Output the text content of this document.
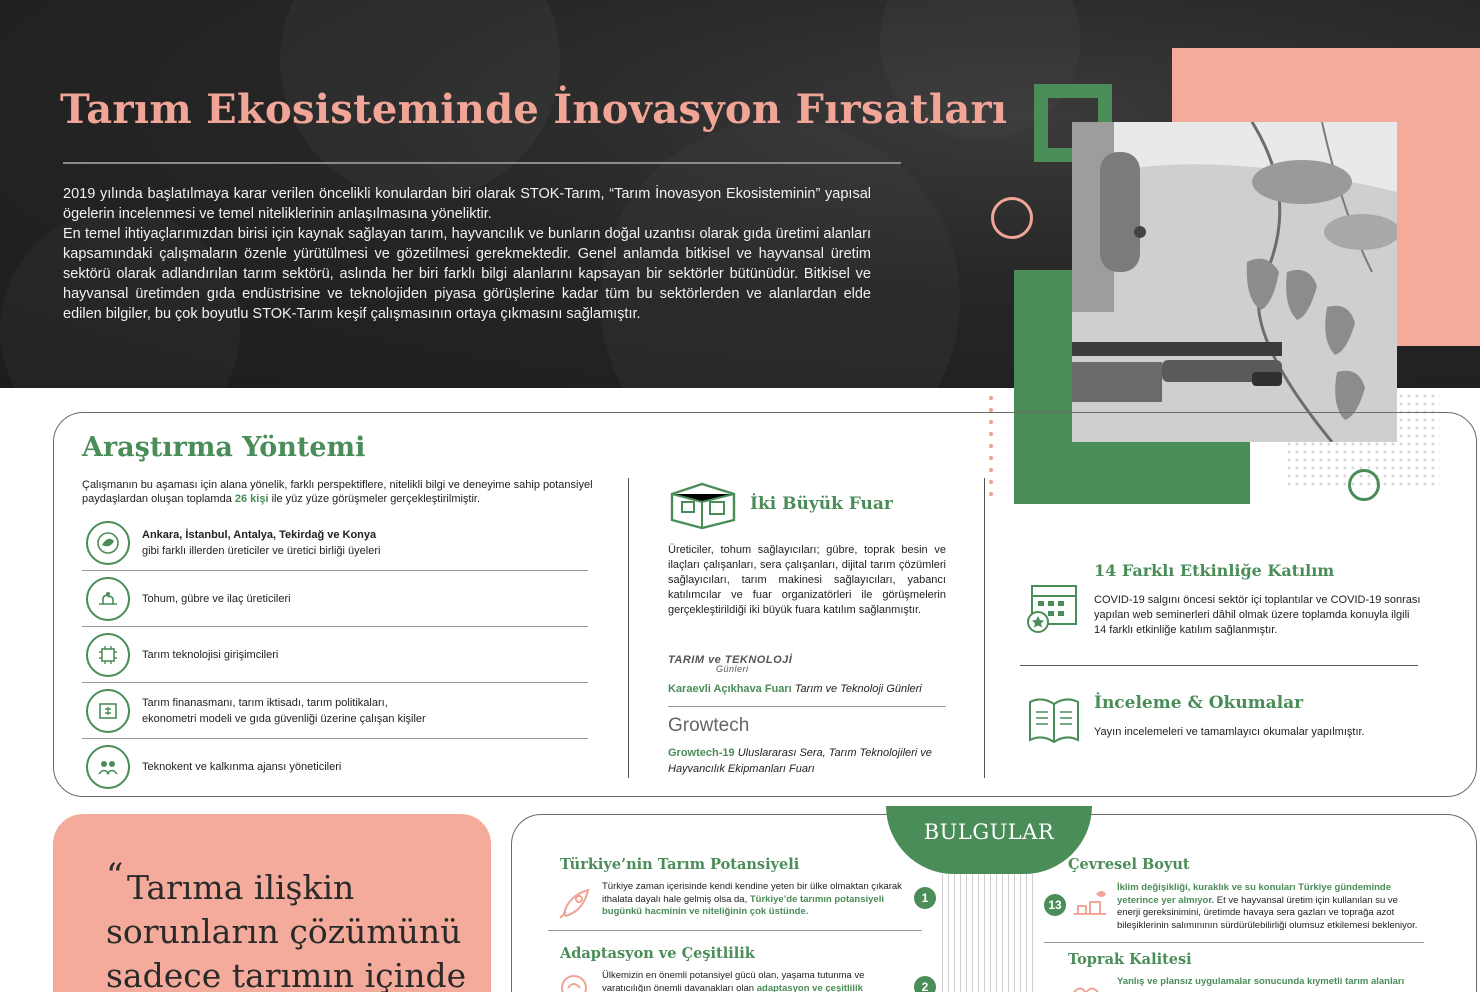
Tarım Ekosisteminde İnovasyon Fırsatları

2019 yılında başlatılmaya karar verilen öncelikli konulardan biri olarak STOK-Tarım, “Tarım İnovasyon Ekosisteminin” yapısal ögelerin incelenmesi ve temel niteliklerinin anlaşılmasına yöneliktir.

En temel ihtiyaçlarımızdan birisi için kaynak sağlayan tarım, hayvancılık ve bunların doğal uzantısı olarak gıda üretimi alanları kapsamındaki çalışmaların özenle yürütülmesi ve gözetilmesi gerekmektedir. Genel anlamda bitkisel ve hayvansal üretim sektörü olarak adlandırılan tarım sektörü, aslında her biri farklı bilgi alanlarını kapsayan bir sektörler bütünüdür. Bitkisel ve hayvansal üretimden gıda endüstrisine ve teknolojiden piyasa görüşlerine kadar tüm bu sektörlerden ve alanlardan elde edilen bilgiler, bu çok boyutlu STOK-Tarım keşif çalışmasının ortaya çıkmasını sağlamıştır.

Araştırma Yöntemi

Çalışmanın bu aşaması için alana yönelik, farklı perspektiflere, nitelikli bilgi ve deneyime sahip potansiyel paydaşlardan oluşan toplamda 26 kişi ile yüz yüze görüşmeler gerçekleştirilmiştir.

Ankara, İstanbul, Antalya, Tekirdağ ve Konya
gibi farklı illerden üreticiler ve üretici birliği üyeleri
Tohum, gübre ve ilaç üreticileri
Tarım teknolojisi girişimcileri
Tarım finanasmanı, tarım iktisadı, tarım politikaları,
ekonometri modeli ve gıda güvenliği üzerine çalışan kişiler
Teknokent ve kalkınma ajansı yöneticileri
İki Büyük Fuar

Üreticiler, tohum sağlayıcıları; gübre, toprak besin ve ilaçları çalışanları, sera çalışanları, dijital tarım çözümleri sağlayıcıları, tarım makinesi sağlayıcıları, yabancı katılımcılar ve fuar organizatörleri ile görüşmelerin gerçekleştirildiği iki büyük fuara katılım sağlanmıştır.

TARIM ve TEKNOLOJİ
Günleri

Karaevli Açıkhava Fuarı Tarım ve Teknoloji Günleri

Growtech

Growtech-19 Uluslararası Sera, Tarım Teknolojileri ve Hayvancılık Ekipmanları Fuarı

14 Farklı Etkinliğe Katılım

COVID-19 salgını öncesi sektör içi toplantılar ve COVID-19 sonrası yapılan web seminerleri dâhil olmak üzere toplamda konuyla ilgili 14 farklı etkinliğe katılım sağlanmıştır.

İnceleme & Okumalar

Yayın incelemeleri ve tamamlayıcı okumalar yapılmıştır.

“ Tarıma ilişkin sorunların çözümünü sadece tarımın içinde

BULGULAR
Türkiye’nin Tarım Potansiyeli

Türkiye zaman içerisinde kendi kendine yeten bir ülke olmaktan çıkarak ithalata dayalı hale gelmiş olsa da, Türkiye’de tarımın potansiyeli bugünkü hacminin ve niteliğinin çok üstünde.

1
Adaptasyon ve Çeşitlilik

Ülkemizin en önemli potansiyel gücü olan, yaşama tutunma ve varatıcılığın önemli davanakları olan adaptasyon ve çeşitlilik	2
Çevresel Boyut
13

İklim değişikliği, kuraklık ve su konuları Türkiye gündeminde yeterince yer almıyor. Et ve hayvansal üretim için kullanılan su ve enerji gereksinimini, üretimde havaya sera gazları ve toprağa azot bileşiklerinin salımınının sürdürülebilirliği olumsuz etkilemesi bekleniyor.

Toprak Kalitesi

Yanlış ve plansız uygulamalar sonucunda kıymetli tarım alanları
